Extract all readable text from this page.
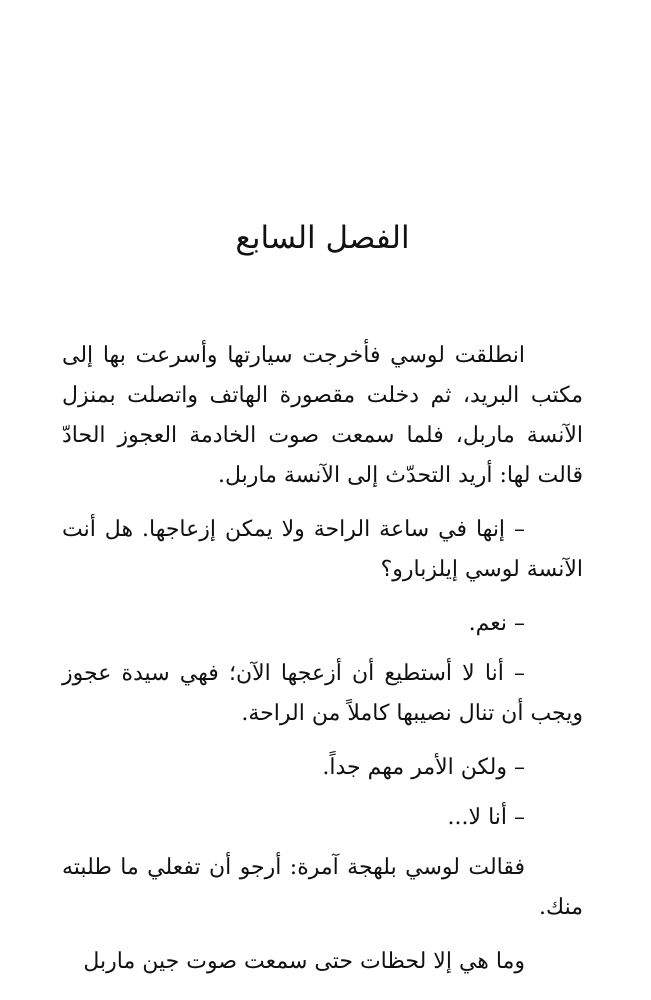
الفصل السابع

انطلقت لوسي فأخرجت سيارتها وأسرعت بها إلى مكتب البريد، ثم دخلت مقصورة الهاتف واتصلت بمنزل الآنسة ماربل، فلما سمعت صوت الخادمة العجوز الحادّ قالت لها: أريد التحدّث إلى الآنسة ماربل.

– إنها في ساعة الراحة ولا يمكن إزعاجها. هل أنت الآنسة لوسي إيلزبارو؟

– نعم.

– أنا لا أستطيع أن أزعجها الآن؛ فهي سيدة عجوز ويجب أن تنال نصيبها كاملاً من الراحة.

– ولكن الأمر مهم جداً.

– أنا لا...

فقالت لوسي بلهجة آمرة: أرجو أن تفعلي ما طلبته منك.

وما هي إلا لحظات حتى سمعت صوت جين ماربل
